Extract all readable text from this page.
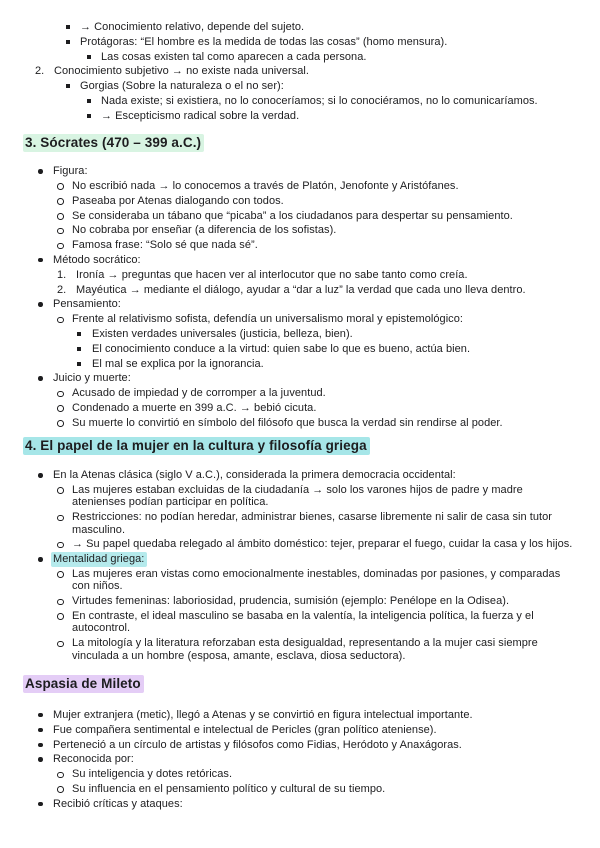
→ Conocimiento relativo, depende del sujeto.
Protágoras: “El hombre es la medida de todas las cosas” (homo mensura).
Las cosas existen tal como aparecen a cada persona.
2. Conocimiento subjetivo → no existe nada universal.
Gorgias (Sobre la naturaleza o el no ser):
Nada existe; si existiera, no lo conoceríamos; si lo conociéramos, no lo comunicaríamos.
→ Escepticismo radical sobre la verdad.
3. Sócrates (470 – 399 a.C.)
Figura:
No escribió nada → lo conocemos a través de Platón, Jenofonte y Aristófanes.
Paseaba por Atenas dialogando con todos.
Se consideraba un tábano que “picaba” a los ciudadanos para despertar su pensamiento.
No cobraba por enseñar (a diferencia de los sofistas).
Famosa frase: “Solo sé que nada sé”.
Método socrático:
1. Ironía → preguntas que hacen ver al interlocutor que no sabe tanto como creía.
2. Mayéutica → mediante el diálogo, ayudar a “dar a luz” la verdad que cada uno lleva dentro.
Pensamiento:
Frente al relativismo sofista, defendía un universalismo moral y epistemológico:
Existen verdades universales (justicia, belleza, bien).
El conocimiento conduce a la virtud: quien sabe lo que es bueno, actúa bien.
El mal se explica por la ignorancia.
Juicio y muerte:
Acusado de impiedad y de corromper a la juventud.
Condenado a muerte en 399 a.C. → bebió cicuta.
Su muerte lo convirtió en símbolo del filósofo que busca la verdad sin rendirse al poder.
4. El papel de la mujer en la cultura y filosofía griega
En la Atenas clásica (siglo V a.C.), considerada la primera democracia occidental:
Las mujeres estaban excluidas de la ciudadanía → solo los varones hijos de padre y madre atenienses podían participar en política.
Restricciones: no podían heredar, administrar bienes, casarse libremente ni salir de casa sin tutor masculino.
→ Su papel quedaba relegado al ámbito doméstico: tejer, preparar el fuego, cuidar la casa y los hijos.
Mentalidad griega:
Las mujeres eran vistas como emocionalmente inestables, dominadas por pasiones, y comparadas con niños.
Virtudes femeninas: laboriosidad, prudencia, sumisión (ejemplo: Penélope en la Odisea).
En contraste, el ideal masculino se basaba en la valentía, la inteligencia política, la fuerza y el autocontrol.
La mitología y la literatura reforzaban esta desigualdad, representando a la mujer casi siempre vinculada a un hombre (esposa, amante, esclava, diosa seductora).
Aspasia de Mileto
Mujer extranjera (metic), llegó a Atenas y se convirtió en figura intelectual importante.
Fue compañera sentimental e intelectual de Pericles (gran político ateniense).
Perteneció a un círculo de artistas y filósofos como Fidias, Heródoto y Anaxágoras.
Reconocida por:
Su inteligencia y dotes retóricas.
Su influencia en el pensamiento político y cultural de su tiempo.
Recibió críticas y ataques:
